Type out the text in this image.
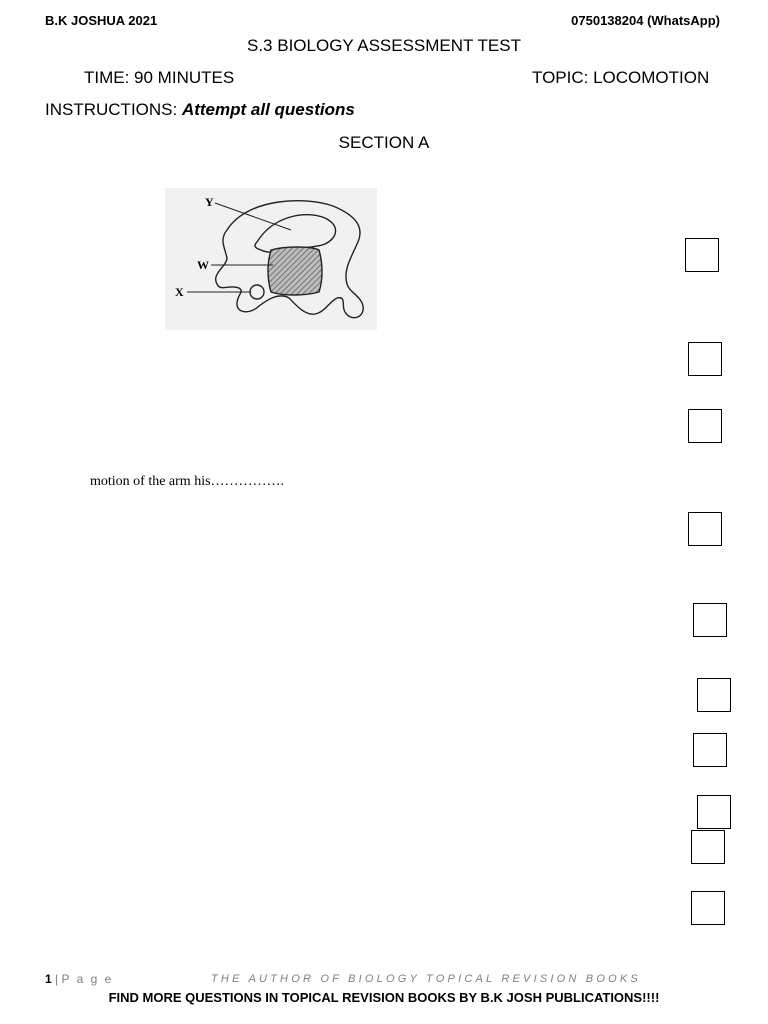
B.K JOSHUA 2021	0750138204 (WhatsApp)
S.3 BIOLOGY ASSESSMENT TEST
TIME: 90 MINUTES	TOPIC: LOCOMOTION
INSTRUCTIONS: Attempt all questions
SECTION A
Y
W
X
motion of the arm his…………….
1 | P a g e	THE AUTHOR OF BIOLOGY TOPICAL REVISION BOOKS
FIND MORE QUESTIONS IN TOPICAL REVISION BOOKS BY B.K JOSH PUBLICATIONS!!!!
